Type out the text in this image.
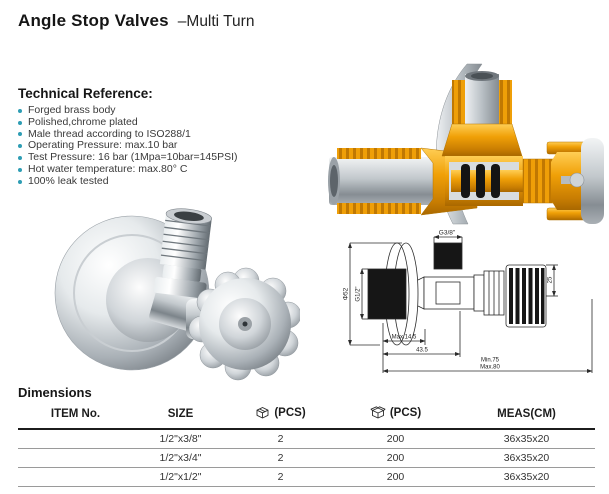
Angle Stop Valves –Multi Turn
Technical Reference:
Forged brass body
Polished,chrome plated
Male thread according to ISO288/1
Operating Pressure: max.10 bar
Test Pressure: 16 bar (1Mpa=10bar=145PSI)
Hot water temperature: max.80° C
100% leak tested
G3/8"
Φ52 G1/2"
25
Max.14.5
43.5
Min.75
Max.80
Dimensions
ITEM No.	SIZE	(PCS)	(PCS)	MEAS(CM)
	1/2"x3/8"	2	200	36x35x20
	1/2"x3/4"	2	200	36x35x20
	1/2"x1/2"	2	200	36x35x20
